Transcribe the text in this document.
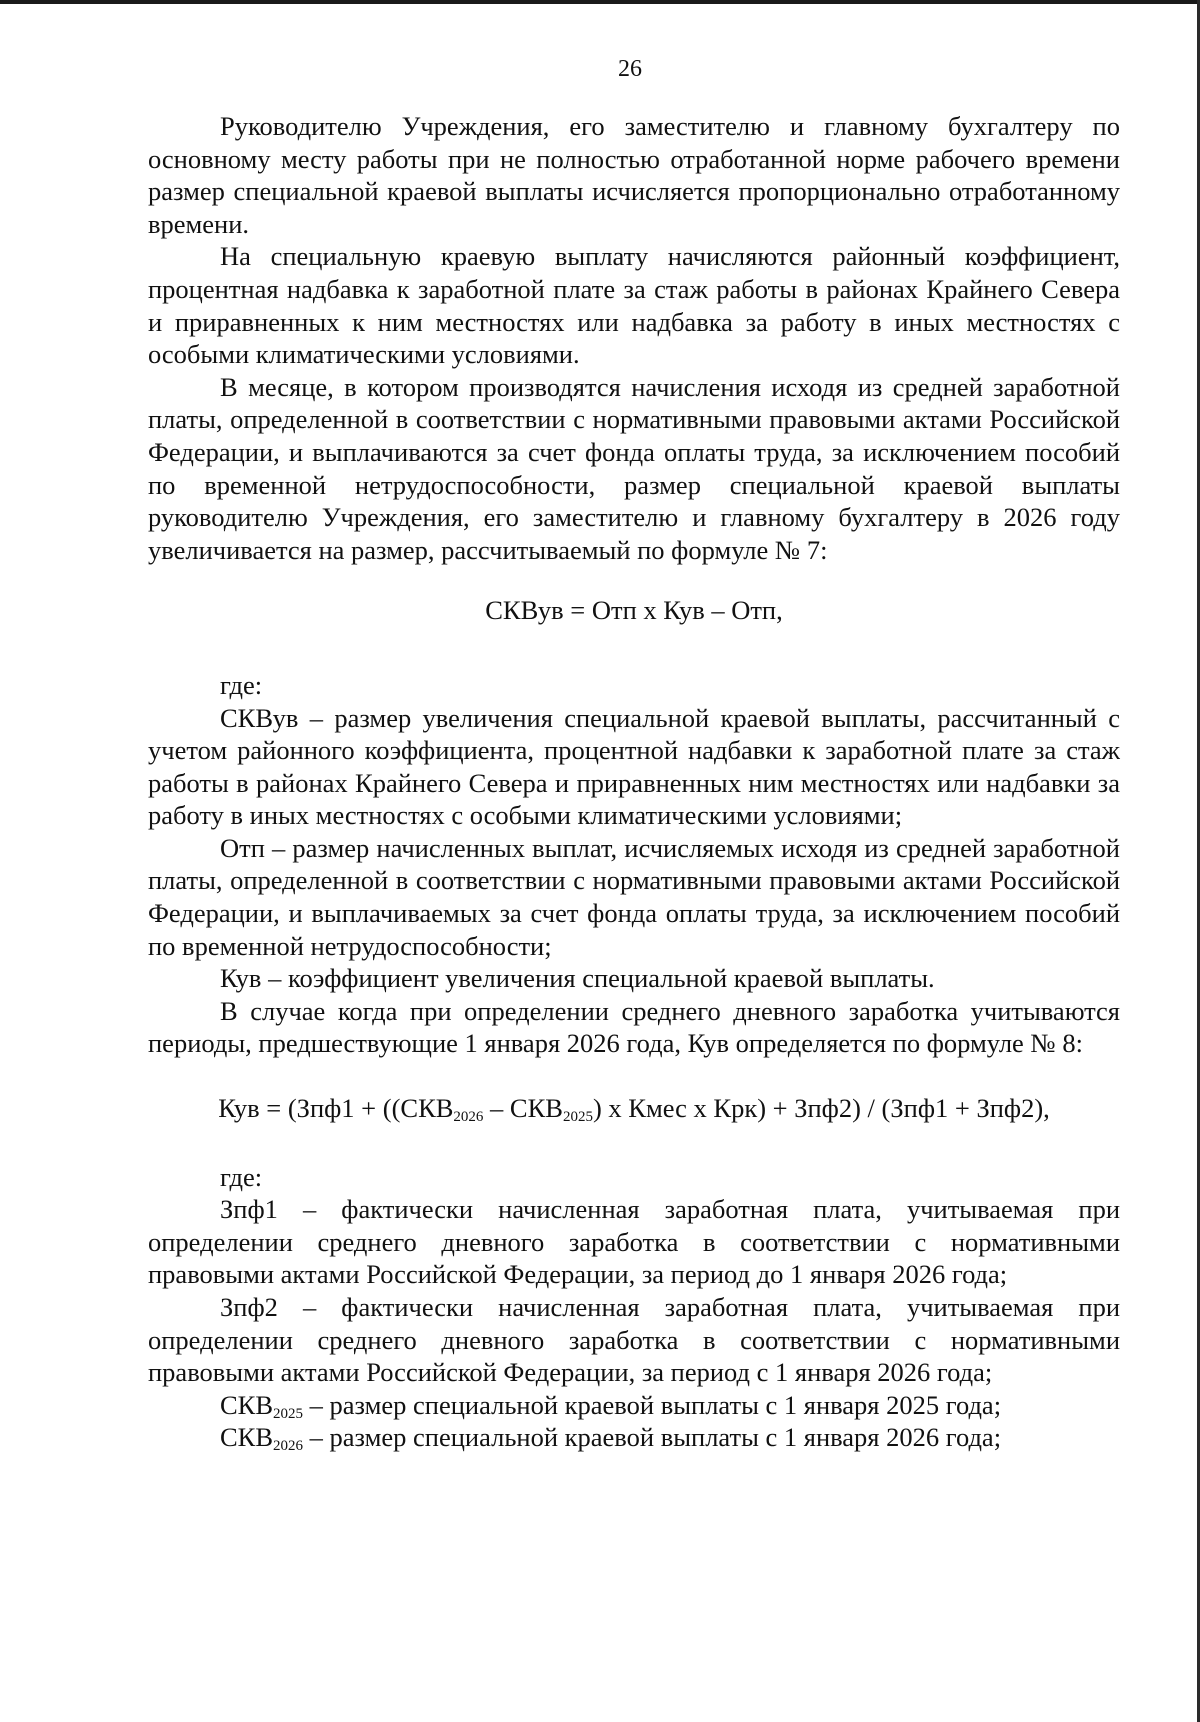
26

Руководителю Учреждения, его заместителю и главному бухгалтеру по основному месту работы при не полностью отработанной норме рабочего времени размер специальной краевой выплаты исчисляется пропорционально отработанному времени.

На специальную краевую выплату начисляются районный коэффициент, процентная надбавка к заработной плате за стаж работы в районах Крайнего Севера и приравненных к ним местностях или надбавка за работу в иных местностях с особыми климатическими условиями.

В месяце, в котором производятся начисления исходя из средней заработной платы, определенной в соответствии с нормативными правовыми актами Российской Федерации, и выплачиваются за счет фонда оплаты труда, за исключением пособий по временной нетрудоспособности, размер специальной краевой выплаты руководителю Учреждения, его заместителю и главному бухгалтеру в 2026 году увеличивается на размер, рассчитываемый по формуле № 7:

СКВув = Отп х Кув – Отп,

где:

СКВув – размер увеличения специальной краевой выплаты, рассчитанный с учетом районного коэффициента, процентной надбавки к заработной плате за стаж работы в районах Крайнего Севера и приравненных ним местностях или надбавки за работу в иных местностях с особыми климатическими условиями;

Отп – размер начисленных выплат, исчисляемых исходя из средней заработной платы, определенной в соответствии с нормативными правовыми актами Российской Федерации, и выплачиваемых за счет фонда оплаты труда, за исключением пособий по временной нетрудоспособности;

Кув – коэффициент увеличения специальной краевой выплаты.

В случае когда при определении среднего дневного заработка учитываются периоды, предшествующие 1 января 2026 года, Кув определяется по формуле № 8:

Кув = ($Зпф1 + ((СКВ_{2026} - СКВ_{2025})$ х Кмес х Крк) + Зпф2) / (Зпф1 + Зпф2),

где:

Зпф1 – фактически начисленная заработная плата, учитываемая при определении среднего дневного заработка в соответствии с нормативными правовыми актами Российской Федерации, за период до 1 января 2026 года;

Зпф2 – фактически начисленная заработная плата, учитываемая при определении среднего дневного заработка в соответствии с нормативными правовыми актами Российской Федерации, за период с 1 января 2026 года;

$СКВ_{2025}$ – размер специальной краевой выплаты с 1 января 2025 года;

$СКВ_{2026}$ – размер специальной краевой выплаты с 1 января 2026 года;
